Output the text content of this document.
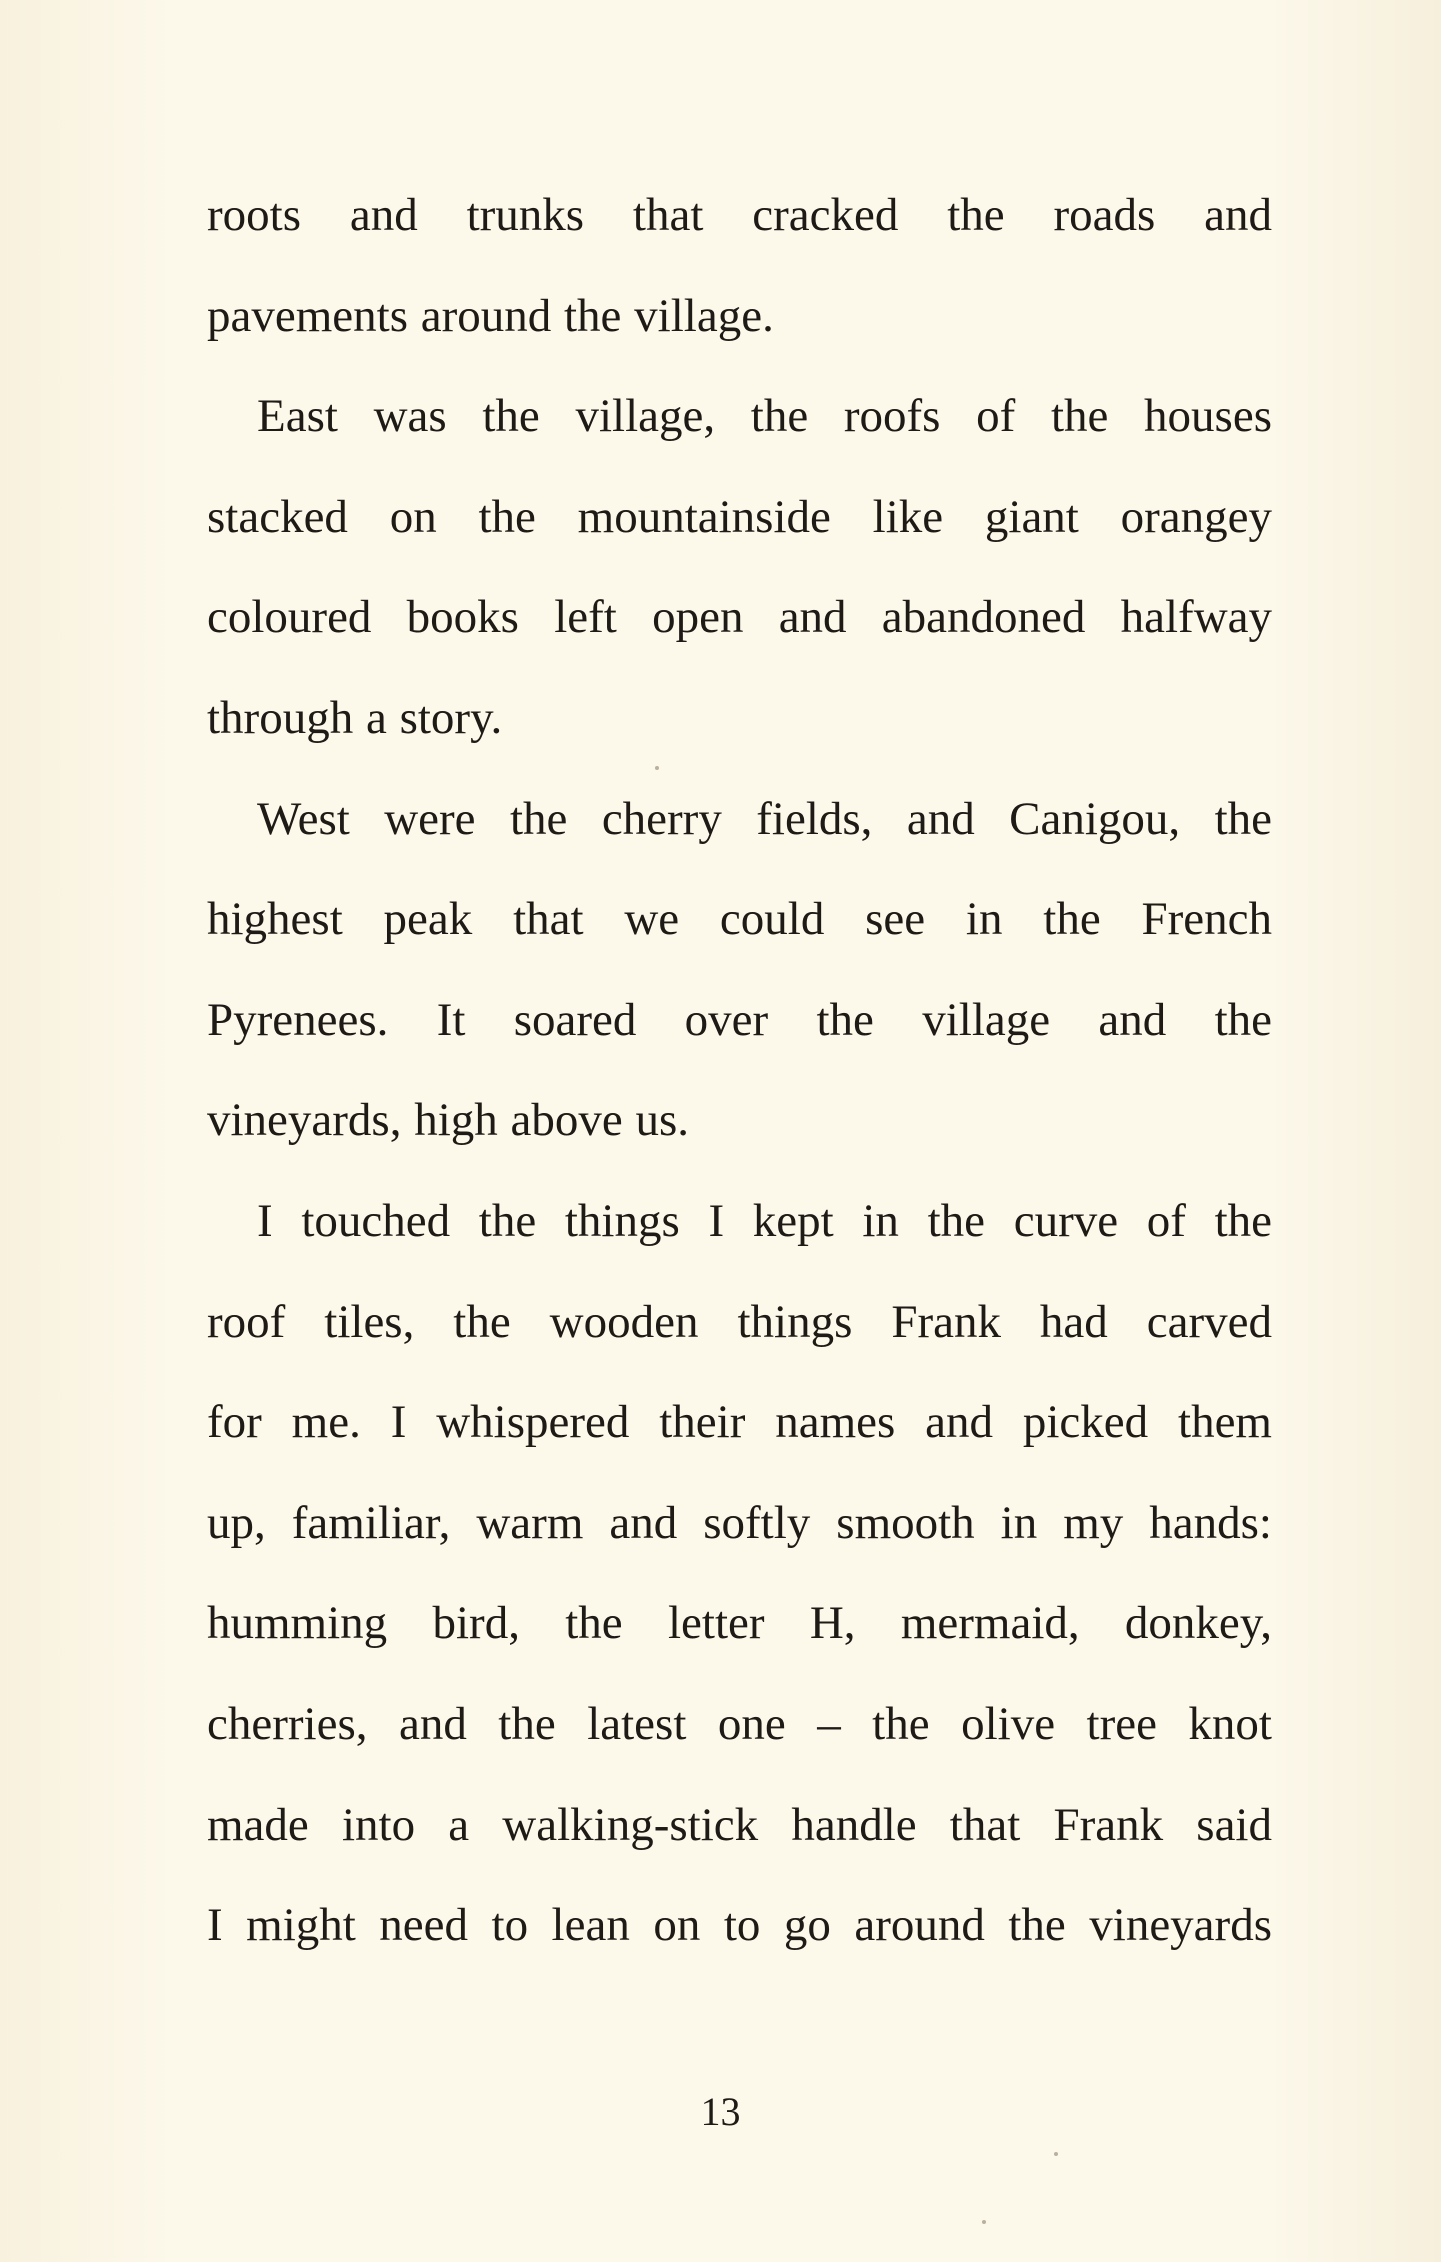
roots and trunks that cracked the roads and
pavements around the village.
East was the village, the roofs of the houses
stacked on the mountainside like giant orangey
coloured books left open and abandoned halfway
through a story.
West were the cherry fields, and Canigou, the
highest peak that we could see in the French
Pyrenees. It soared over the village and the
vineyards, high above us.
I touched the things I kept in the curve of the
roof tiles, the wooden things Frank had carved
for me. I whispered their names and picked them
up, familiar, warm and softly smooth in my hands:
humming bird, the letter H, mermaid, donkey,
cherries, and the latest one – the olive tree knot
made into a walking-stick handle that Frank said
I might need to lean on to go around the vineyards
13
